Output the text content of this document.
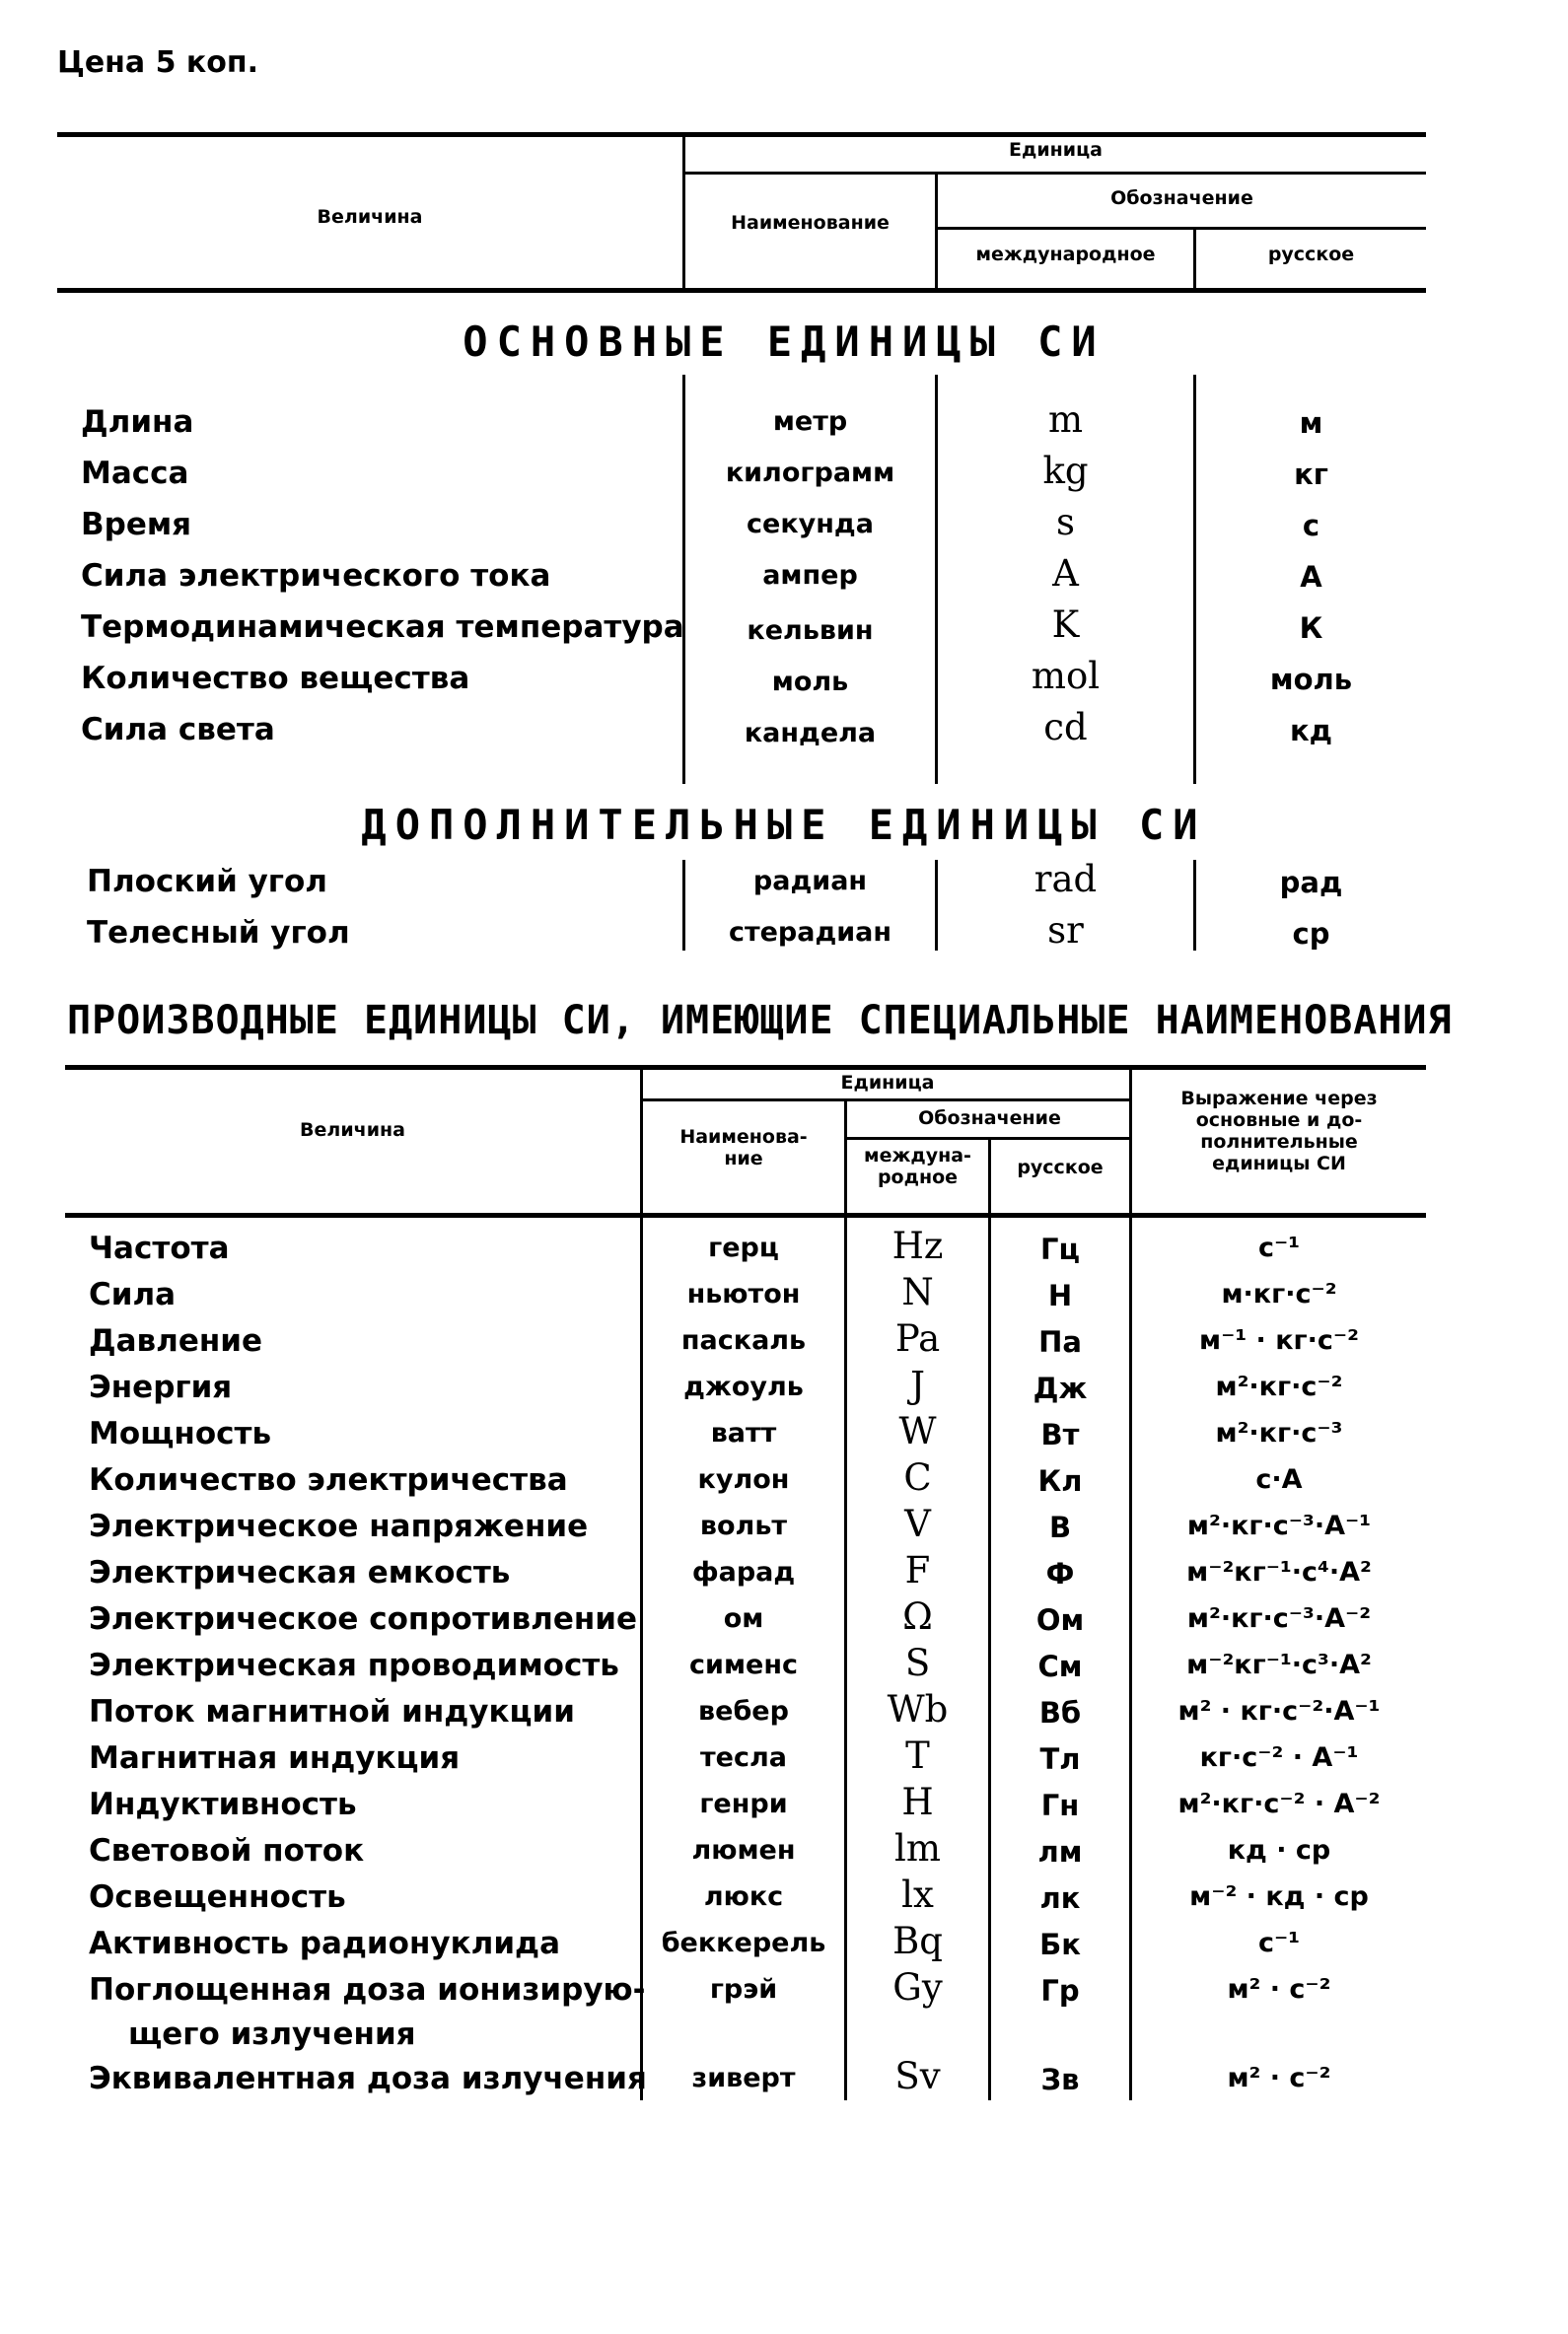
Цена 5 коп.
Величина
Единица
Наименование
Обозначение
международное	русское
ОСНОВНЫЕ ЕДИНИЦЫ СИ
Длина	метр	m	м
Масса	килограмм	kg	кг
Время	секунда	s	с
Сила электрического тока	ампер	A	А
Термодинамическая температура	кельвин	K	К
Количество вещества	моль	mol	моль
Сила света	кандела	cd	кд
ДОПОЛНИТЕЛЬНЫЕ ЕДИНИЦЫ СИ
Плоский угол	радиан	rad	рад
Телесный угол	стерадиан	sr	ср
ПРОИЗВОДНЫЕ ЕДИНИЦЫ СИ, ИМЕЮЩИЕ СПЕЦИАЛЬНЫЕ НАИМЕНОВАНИЯ
Величина
Единица
Наименова-
ние
Обозначение
междуна-
родное	русское
Выражение через
основные и до-
полнительные
единицы СИ
Частота	герц	Hz	Гц	с⁻¹
Сила	ньютон	N	Н	м·кг·с⁻²
Давление	паскаль	Pa	Па	м⁻¹ · кг·с⁻²
Энергия	джоуль	J	Дж	м²·кг·с⁻²
Мощность	ватт	W	Вт	м²·кг·с⁻³
Количество электричества	кулон	C	Кл	с·А
Электрическое напряжение	вольт	V	В	м²·кг·с⁻³·А⁻¹
Электрическая емкость	фарад	F	Ф	м⁻²кг⁻¹·с⁴·А²
Электрическое сопротивление	ом	Ω	Ом	м²·кг·с⁻³·А⁻²
Электрическая проводимость	сименс	S	См	м⁻²кг⁻¹·с³·А²
Поток магнитной индукции	вебер	Wb	Вб	м² · кг·с⁻²·А⁻¹
Магнитная индукция	тесла	T	Тл	кг·с⁻² · А⁻¹
Индуктивность	генри	H	Гн	м²·кг·с⁻² · А⁻²
Световой поток	люмен	lm	лм	кд · ср
Освещенность	люкс	lx	лк	м⁻² · кд · ср
Активность радионуклида	беккерель	Bq	Бк	с⁻¹
Поглощенная доза ионизирую-
щего излучения
грэй	Gy	Гр	м² · с⁻²
Эквивалентная доза излучения	зиверт	Sv	Зв	м² · с⁻²
